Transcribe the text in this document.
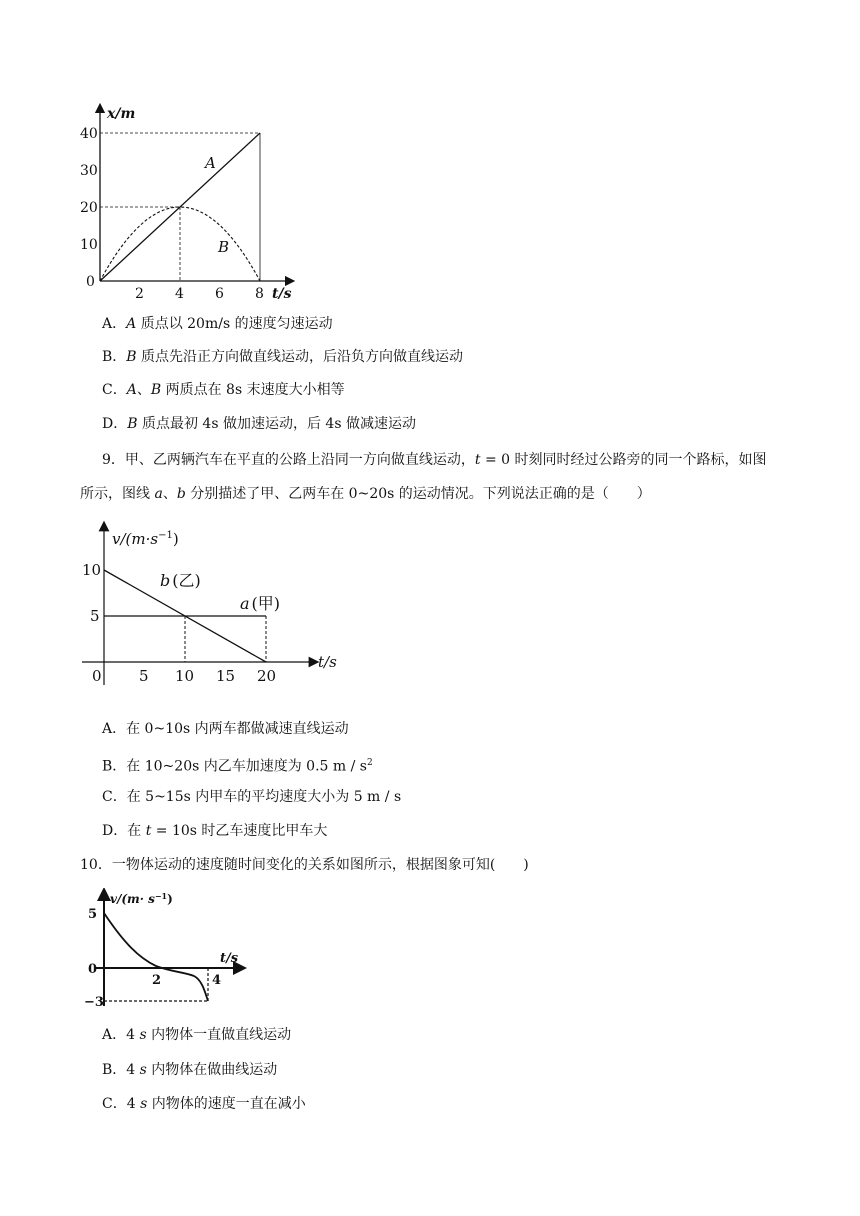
x/m
t/s
40
30
20
10
0
2 4 6 8
A
B
A．A 质点以 20m/s 的速度匀速运动
B．B 质点先沿正方向做直线运动，后沿负方向做直线运动
C．A、B 两质点在 8s 末速度大小相等
D．B 质点最初 4s 做加速运动，后 4s 做减速运动
9．甲、乙两辆汽车在平直的公路上沿同一方向做直线运动，t = 0 时刻同时经过公路旁的同一个路标，如图
所示，图线 a、b 分别描述了甲、乙两车在 0~20s 的运动情况。下列说法正确的是（　　）
$v/(m\cdot s^{-1})$
t/s
10
5
0 5 10 15 20
b (乙)
a (甲)
A．在 0~10s 内两车都做减速直线运动
B．在 10~20s 内乙车加速度为 0.5 m / $s^2$
C．在 5~15s 内甲车的平均速度大小为 5 m / s
D．在 t = 10s 时乙车速度比甲车大
10．一物体运动的速度随时间变化的关系如图所示，根据图象可知(　　)
$v/(m\cdot s^{-1})$
t/s
5
0
−3
2	4
A．4 s 内物体一直做直线运动
B．4 s 内物体在做曲线运动
C．4 s 内物体的速度一直在减小
